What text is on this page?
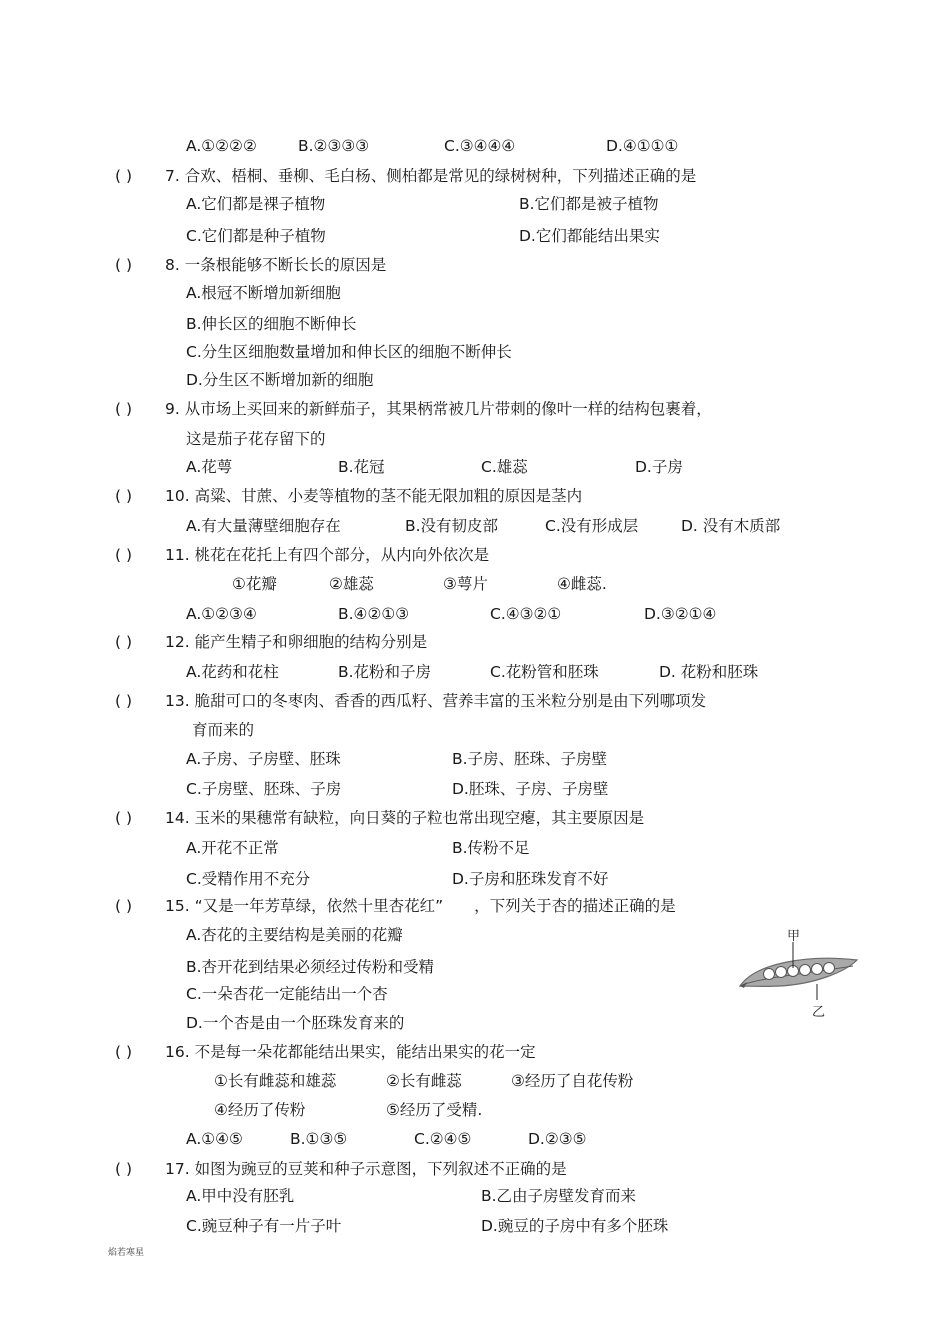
A.①②②②	B.②③③③	C.③④④④	D.④①①①
( ) 7. 合欢、梧桐、垂柳、毛白杨、侧柏都是常见的绿树树种，下列描述正确的是
A.它们都是裸子植物	B.它们都是被子植物
C.它们都是种子植物	D.它们都能结出果实
( ) 8. 一条根能够不断长长的原因是
A.根冠不断增加新细胞
B.伸长区的细胞不断伸长
C.分生区细胞数量增加和伸长区的细胞不断伸长
D.分生区不断增加新的细胞
( ) 9. 从市场上买回来的新鲜茄子，其果柄常被几片带刺的像叶一样的结构包裹着，
这是茄子花存留下的
A.花萼	B.花冠	C.雄蕊	D.子房
( ) 10. 高粱、甘蔗、小麦等植物的茎不能无限加粗的原因是茎内
A.有大量薄壁细胞存在	B.没有韧皮部	C.没有形成层	D. 没有木质部
( ) 11. 桃花在花托上有四个部分，从内向外依次是
①花瓣	②雄蕊	③萼片	④雌蕊.
A.①②③④	B.④②①③	C.④③②①	D.③②①④
( ) 12. 能产生精子和卵细胞的结构分别是
A.花药和花柱	B.花粉和子房	C.花粉管和胚珠	D. 花粉和胚珠
( ) 13. 脆甜可口的冬枣肉、香香的西瓜籽、营养丰富的玉米粒分别是由下列哪项发
育而来的
A.子房、子房壁、胚珠	B.子房、胚珠、子房壁
C.子房壁、胚珠、子房	D.胚珠、子房、子房壁
( ) 14. 玉米的果穗常有缺粒，向日葵的子粒也常出现空瘪，其主要原因是
A.开花不正常	B.传粉不足
C.受精作用不充分	D.子房和胚珠发育不好
( ) 15. “又是一年芳草绿，依然十里杏花红”　　，下列关于杏的描述正确的是
A.杏花的主要结构是美丽的花瓣
B.杏开花到结果必须经过传粉和受精
C.一朵杏花一定能结出一个杏
D.一个杏是由一个胚珠发育来的
甲
乙
( ) 16. 不是每一朵花都能结出果实，能结出果实的花一定
①长有雌蕊和雄蕊	②长有雌蕊	③经历了自花传粉
④经历了传粉	⑤经历了受精.
A.①④⑤	B.①③⑤	C.②④⑤	D.②③⑤
( ) 17. 如图为豌豆的豆荚和种子示意图，下列叙述不正确的是
A.甲中没有胚乳	B.乙由子房壁发育而来
C.豌豆种子有一片子叶	D.豌豆的子房中有多个胚珠
焰若寒星
